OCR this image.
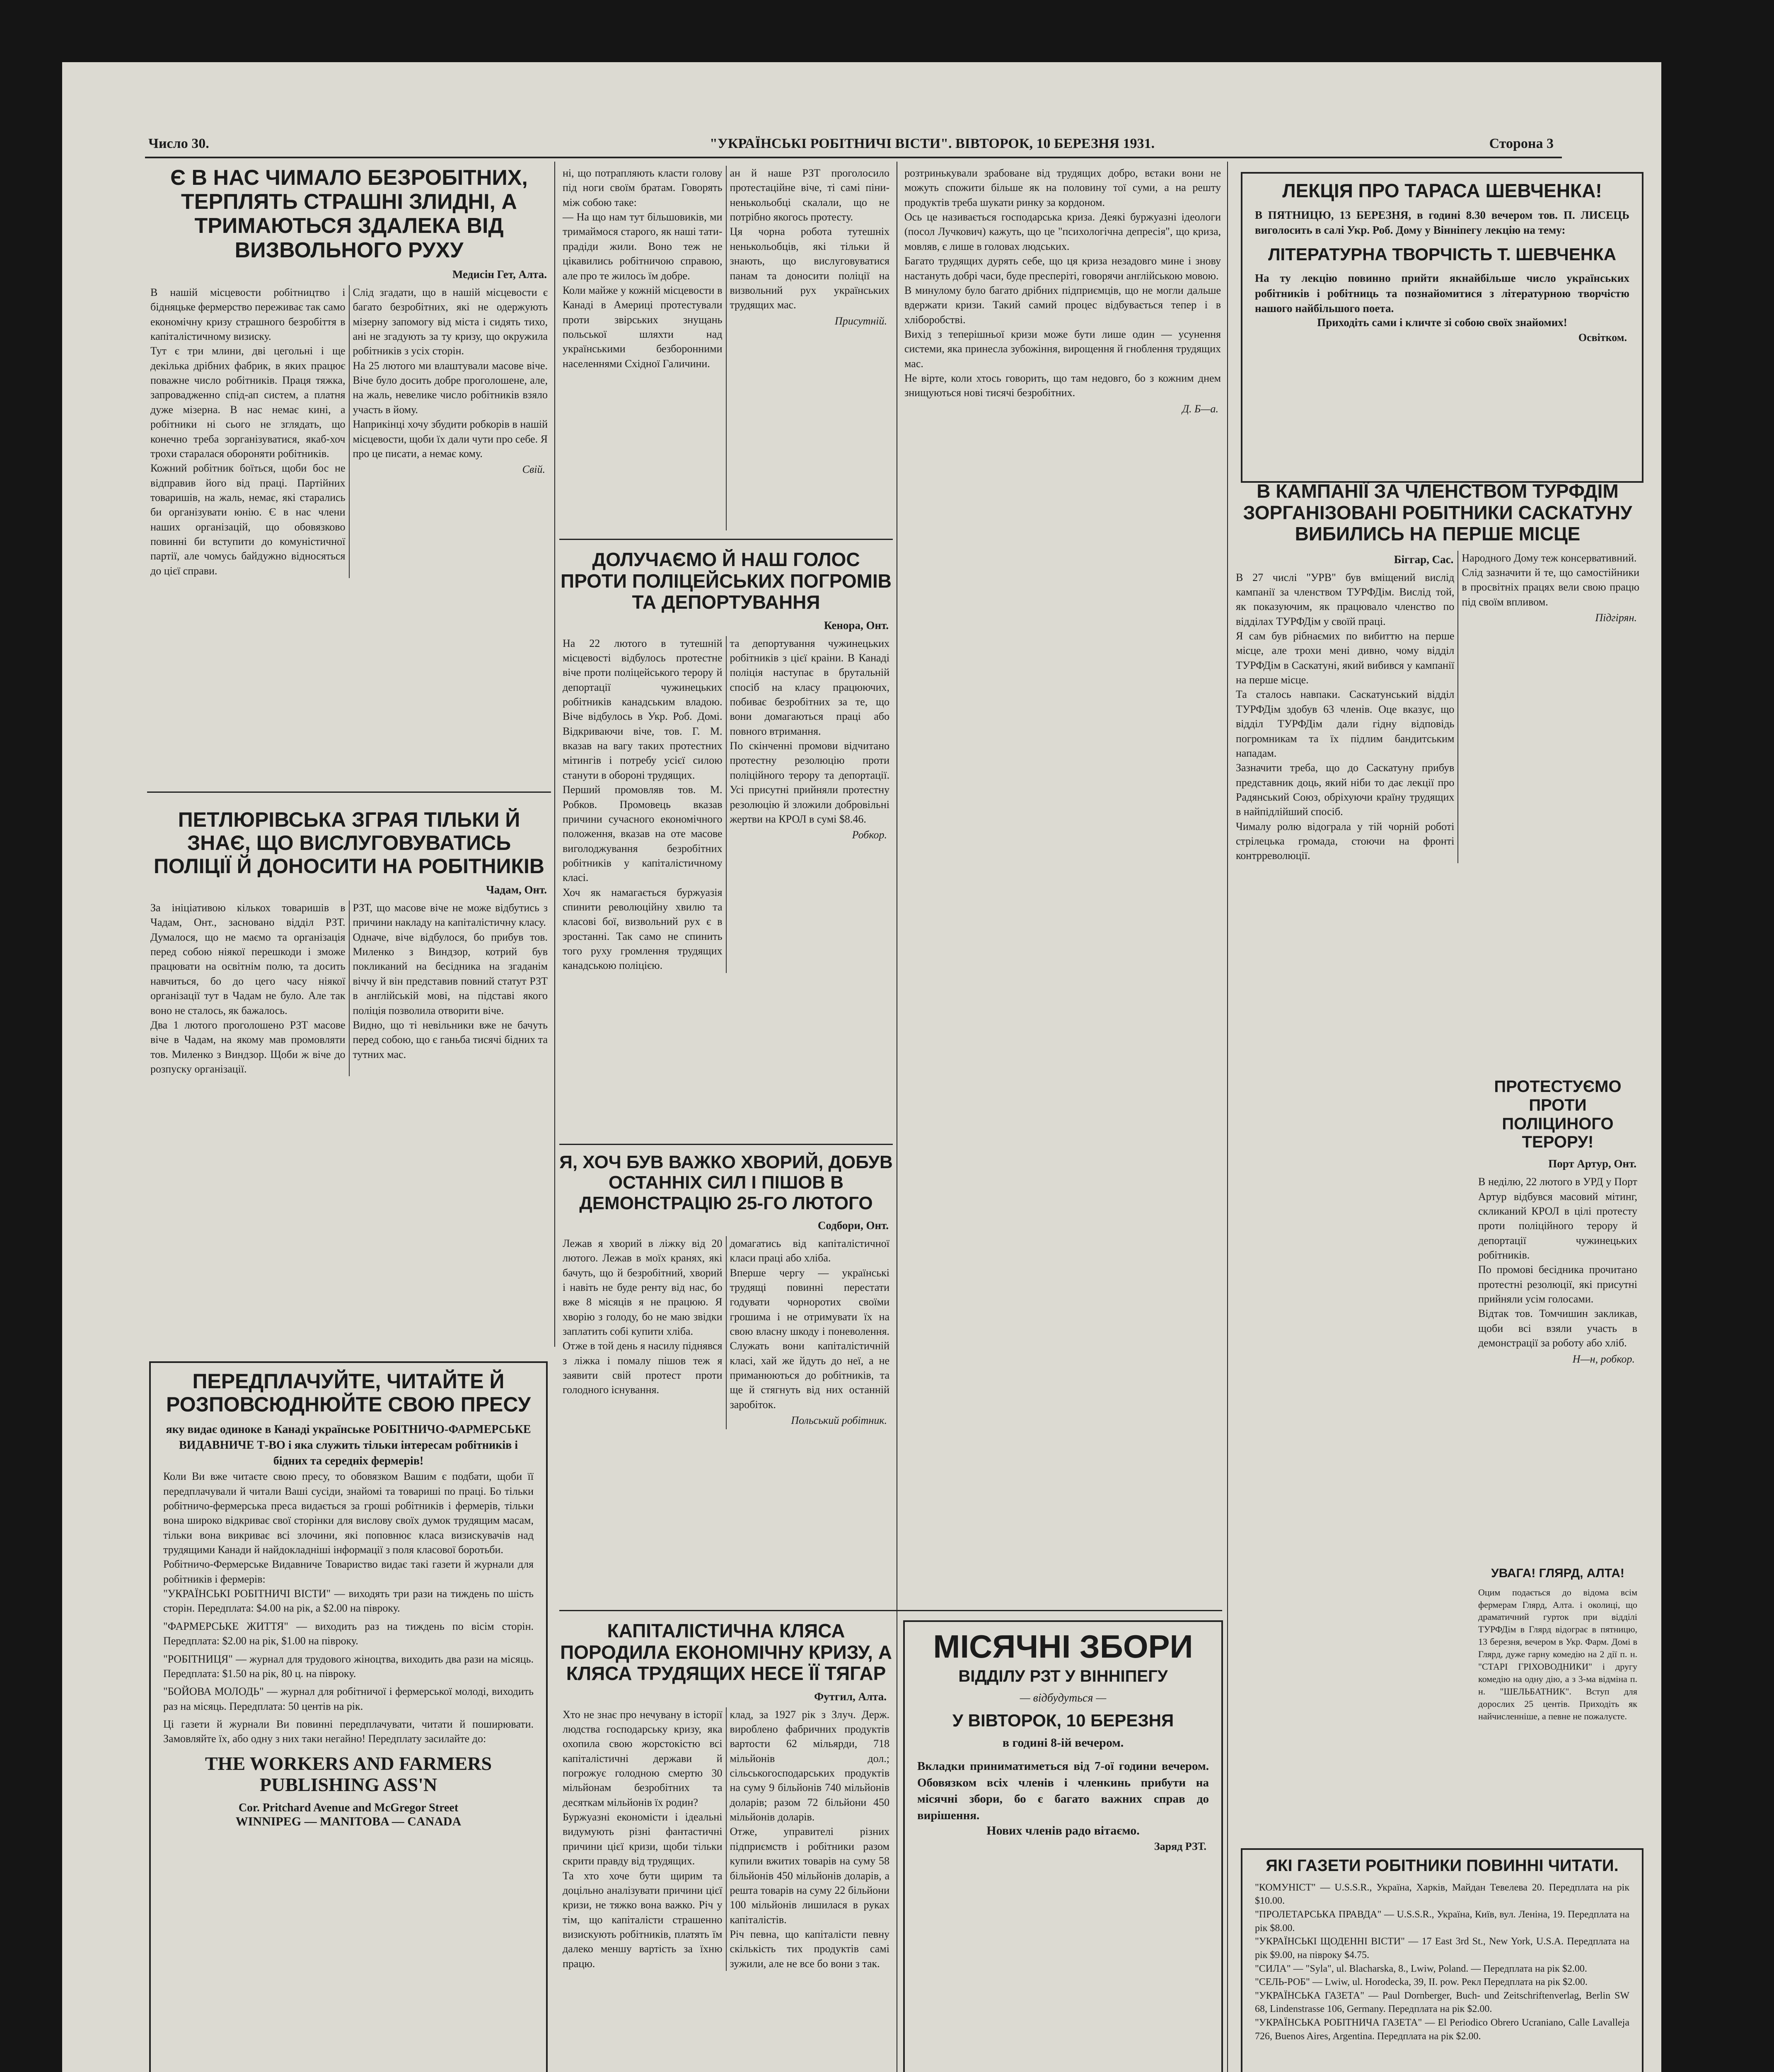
Число 30.	"УКРАЇНСЬКІ РОБІТНИЧІ ВІСТИ". ВІВТОРОК, 10 БЕРЕЗНЯ 1931.	Сторона 3
Є В НАС ЧИМАЛО БЕЗРОБІТНИХ, ТЕРПЛЯТЬ СТРАШНІ ЗЛИДНІ, А ТРИМАЮТЬСЯ ЗДАЛЕКА ВІД ВИЗВОЛЬНОГО РУХУ
Медисін Гет, Алта.

В нашій місцевости робітництво і бідняцьке фермерство переживає так само економічну кризу страшного безробіття в капіталістичному визиску.

Тут є три млини, дві цегольні і ще декілька дрібних фабрик, в яких працює поважне число робітників. Праця тяжка, запровадженно спід-ап систем, а платня дуже мізерна. В нас немає кині, а робітники ні сього не зглядать, що конечно треба зорганізуватися, якаб-хоч трохи старалася обороняти робітників.

Кожний робітник боїться, щоби бос не відправив його від праці. Партійних товаришів, на жаль, немає, які старались би організувати юнію. Є в нас члени наших організацій, що обовязково повинні би вступити до комуністичної партії, але чомусь байдужно відносяться до цієї справи.

Слід згадати, що в нашій місцевости є багато безробітних, які не одержують мізерну запомогу від міста і сидять тихо, ані не згадують за ту кризу, що окружила робітників з усіх сторін.

На 25 лютого ми влаштували масове віче. Віче було досить добре проголошене, але, на жаль, невелике число робітників взяло участь в йому.

Наприкінці хочу збудити робкорів в нашій місцевости, щоби їх дали чути про себе. Я про це писати, а немає кому.

Свій.
ПЕТЛЮРІВСЬКА ЗГРАЯ ТІЛЬКИ Й ЗНАЄ, ЩО ВИСЛУГОВУВАТИСЬ ПОЛІЦІЇ Й ДОНОСИТИ НА РОБІТНИКІВ
Чадам, Онт.

За ініціативою кількох товаришів в Чадам, Онт., засновано відділ РЗТ. Думалося, що не маємо та організація перед собою ніякої перешкоди і зможе працювати на освітнім полю, та досить навчиться, бо до цего часу ніякої організації тут в Чадам не було. Але так воно не сталось, як бажалось.

Два 1 лютого проголошено РЗТ масове віче в Чадам, на якому мав промовляти тов. Миленко з Виндзор. Щоби ж віче до розпуску організації.

РЗТ, що масове віче не може відбутись з причини накладу на капіталістичну класу.

Одначе, віче відбулося, бо прибув тов. Миленко з Виндзор, котрий був покликаний на бесідника на згаданім віччу й він представив повний статут РЗТ в англійській мові, на підставі якого поліція позволила отворити віче.

Видно, що ті невільники вже не бачуть перед собою, що є ганьба тисячі бідних та тутних мас.

ПЕРЕДПЛАЧУЙТЕ, ЧИТАЙТЕ Й РОЗПОВСЮДНЮЙТЕ СВОЮ ПРЕСУ

яку видає одиноке в Канаді українське РОБІТНИЧО-ФАРМЕРСЬКЕ ВИДАВНИЧЕ Т-ВО і яка служить тільки інтересам робітників і бідних та середніх фермерів!

Коли Ви вже читаєте свою пресу, то обовязком Вашим є подбати, щоби її передплачували й читали Ваші сусіди, знайомі та товариші по праці. Бо тільки робітничо-фермерська преса видається за гроші робітників і фермерів, тільки вона широко відкриває свої сторінки для вислову своїх думок трудящим масам, тільки вона викриває всі злочини, які поповнює класа визискувачів над трудящими Канади й найдокладніші інформації з поля класової боротьби.

Робітничо-Фермерське Видавниче Товариство видає такі газети й журнали для робітників і фермерів:

"УКРАЇНСЬКІ РОБІТНИЧІ ВІСТИ" — виходять три рази на тиждень по шість сторін. Передплата: $4.00 на рік, а $2.00 на півроку.
"ФАРМЕРСЬКЕ ЖИТТЯ" — виходить раз на тиждень по вісім сторін. Передплата: $2.00 на рік, $1.00 на півроку.
"РОБІТНИЦЯ" — журнал для трудового жіноцтва, виходить два рази на місяць. Передплата: $1.50 на рік, 80 ц. на півроку.
"БОЙОВА МОЛОДЬ" — журнал для робітничої і фермерської молоді, виходить раз на місяць. Передплата: 50 центів на рік.

Ці газети й журнали Ви повинні передплачувати, читати й поширювати. Замовляйте їх, або одну з них таки негайно! Передплату засилайте до:

THE WORKERS AND FARMERS PUBLISHING ASS'N
Cor. Pritchard Avenue and McGregor Street
WINNIPEG — MANITOBA — CANADA

ні, що потрапляють класти голову під ноги своїм братам. Говорять між собою таке:

— На що нам тут більшовиків, ми тримаймося старого, як наші тати-прадіди жили. Воно теж не цікавились робітничою справою, але про те жилось їм добре.

Коли майже у кожній місцевости в Канаді в Америці протестували проти звірських знущань польської шляхти над українськими безборонними населеннями Східної Галичини.

ан й наше РЗТ проголосило протестаційне віче, ті самі піни-ненькольобці скалали, що не потрібно якогось протесту.

Ця чорна робота тутешніх ненькольобців, які тільки й знають, що вислуговуватися панам та доносити поліції на визвольний рух українських трудящих мас.

Присутній.
ДОЛУЧАЄМО Й НАШ ГОЛОС ПРОТИ ПОЛІЦЕЙСЬКИХ ПОГРОМІВ ТА ДЕПОРТУВАННЯ
Кенора, Онт.

На 22 лютого в тутешній місцевості відбулось протестне віче проти поліцейського терору й депортації чужинецьких робітників канадським владою. Віче відбулось в Укр. Роб. Домі. Відкриваючи віче, тов. Г. М. вказав на вагу таких протестних мітингів і потребу усієї силою станути в обороні трудящих.

Перший промовляв тов. М. Робков. Промовець вказав причини сучасного економічного положення, вказав на оте масове виголоджування безробітних робітників у капіталістичному класі.

Хоч як намагається буржуазія спинити революційну хвилю та класові бої, визвольний рух є в зростанні. Так само не спинить того руху громлення трудящих канадською поліцією.

та депортування чужинецьких робітників з цієї краіни. В Канаді поліція наступає в брутальній спосіб на класу працюючих, побиває безробітних за те, що вони домагаються праці або повного втримання.

По скінченні промови відчитано протестну резолюцію проти поліційного терору та депортації. Усі присутні прийняли протестну резолюцію й зложили добровільні жертви на КРОЛ в сумі $8.46.

Робкор.
Я, ХОЧ БУВ ВАЖКО ХВОРИЙ, ДОБУВ ОСТАННІХ СИЛ І ПІШОВ В ДЕМОНСТРАЦІЮ 25-ГО ЛЮТОГО
Содбори, Онт.

Лежав я хворий в ліжку від 20 лютого. Лежав в моїх кранях, які бачуть, що й безробітний, хворий і навіть не буде ренту від нас, бо вже 8 місяців я не працюю. Я хворію з голоду, бо не маю звідки заплатить собі купити хліба.

Отже в той день я насилу піднявся з ліжка і помалу пішов теж я заявити свій протест проти голодного існування.

домагатись від капіталістичної класи праці або хліба.

Вперше чергу — українські трудящі повинні перестати годувати чорноротих своїми грошима і не отримувати їх на свою власну шкоду і поневолення. Служать вони капіталістичній класі, хай же йдуть до неї, а не приманюються до робітників, та ще й стягнуть від них останній заробіток.

Польський робітник.
КАПІТАЛІСТИЧНА КЛЯСА ПОРОДИЛА ЕКОНОМІЧНУ КРИЗУ, А КЛЯСА ТРУДЯЩИХ НЕСЕ ЇЇ ТЯГАР
Футгил, Алта.

Хто не знає про нечувану в історії людства господарську кризу, яка охопила свою жорстокістю всі капіталістичні держави й погрожує голодною смертю 30 мільйонам безробітних та десяткам мільйонів їх родин?

Буржуазні економісти і ідеальні видумують різні фантастичні причини цієї кризи, щоби тільки скрити правду від трудящих.

Та хто хоче бути щирим та доцільно аналізувати причини цієї кризи, не тяжко вона важко. Річ у тім, що капіталісти страшенно визискують робітників, платять їм далеко меншу вартість за їхню працю.

клад, за 1927 рік з Злуч. Держ. вироблено фабричних продуктів вартости 62 мільярди, 718 мільйонів дол.; сільськогосподарських продуктів на суму 9 більйонів 740 мільйонів доларів; разом 72 більйони 450 мільйонів доларів.

Отже, управителі різних підприємств і робітники разом купили вжитих товарів на суму 58 більйонів 450 мільйонів доларів, а решта товарів на суму 22 більйони 100 мільйонів лишилася в руках капіталістів.

Річ певна, що капіталісти певну скількість тих продуктів самі зужили, але не все бо вони з так.

розтринькували зрабоване від трудящих добро, вєтаки вони не можуть спожити більше як на половину тої суми, а на решту продуктів треба шукати ринку за кордоном.

Ось це називається господарська криза. Деякі буржуазні ідеологи (посол Лучкович) кажуть, що це "психологічна депресія", що криза, мовляв, є лише в головах людських.

Багато трудящих дурять себе, що ця криза незадовго мине і знову настануть добрі часи, буде пресперіті, говорячи англійською мовою.

В минулому було багато дрібних підприємців, що не могли дальше вдержати кризи. Такий самий процес відбувається тепер і в хліборобстві.

Вихід з теперішньої кризи може бути лише один — усунення системи, яка принесла зубожіння, вирощення й гноблення трудящих мас.

Не вірте, коли хтось говорить, що там недовго, бо з кожним днем знищуються нові тисячі безробітних.

Д. Б—а.
МІСЯЧНІ ЗБОРИ
ВІДДІЛУ РЗТ У ВІННІПЕГУ
— відбудуться —
У ВІВТОРОК, 10 БЕРЕЗНЯ
в годині 8-ій вечером.

Вкладки приниматиметься від 7-ої години вечером. Обовязком всіх членів і членкинь прибути на місячні збори, бо є багато важних справ до вирішення.

Нових членів радо вітаємо.
Заряд РЗТ.
ЛЕКЦІЯ ПРО ТАРАСА ШЕВЧЕНКА!

В ПЯТНИЦЮ, 13 БЕРЕЗНЯ, в годині 8.30 вечером тов. П. ЛИСЕЦЬ виголосить в салі Укр. Роб. Дому у Вінніпегу лекцію на тему:

ЛІТЕРАТУРНА ТВОРЧІСТЬ Т. ШЕВЧЕНКА

На ту лекцію повинно прийти якнайбільше число українських робітників і робітниць та познайомитися з літературною творчістю нашого найбільшого поета.

Приходіть сами і кличте зі собою своїх знайомих!
Освітком.
В КАМПАНІЇ ЗА ЧЛЕНСТВОМ ТУРФДІМ ЗОРГАНІЗОВАНІ РОБІТНИКИ САСКАТУНУ ВИБИЛИСЬ НА ПЕРШЕ МІСЦЕ
Біггар, Сас.

В 27 числі "УРВ" був вміщений вислід кампанії за членством ТУРФДім. Вислід той, як показуючим, як працювало членство по відділах ТУРФДім у своїй праці.

Я сам був рібнаємих по вибиттю на перше місце, але трохи мені дивно, чому відділ ТУРФДім в Саскатуні, який вибився у кампанії на перше місце.

Та сталось навпаки. Саскатунський відділ ТУРФДім здобув 63 членів. Оце вказує, що відділ ТУРФДім дали гідну відповідь погромникам та їх підлим бандитським нападам.

Зазначити треба, що до Саскатуну прибув представник доць, який ніби то дає лекції про Радянський Союз, обріхуючи країну трудящих в найпідлійший спосіб.

Чималу ролю відограла у тій чорній роботі стрілецька громада, стоючи на фронті контрреволюції.

Народного Дому теж консервативний.

Слід зазначити й те, що самостійники в просвітніх працях вели свою працю під своїм впливом.

Підгірян.
ПРОТЕСТУЄМО ПРОТИ ПОЛІЦИНОГО ТЕРОРУ!
Порт Артур, Онт.

В неділю, 22 лютого в УРД у Порт Артур відбувся масовий мітинг, скликаний КРОЛ в цілі протесту проти поліційного терору й депортації чужинецьких робітників.

По промові бесідника прочитано протестні резолюції, які присутні прийняли усім голосами.

Відтак тов. Томчишин закликав, щоби всі взяли участь в демонстрації за роботу або хліб.

Н—н, робкор.
УВАГА! ГЛЯРД, АЛТА!

Оцим подається до відома всім фермерам Глярд, Алта. і околиці, що драматичний гурток при відділі ТУРФДім в Глярд відограє в пятницю, 13 березня, вечером в Укр. Фарм. Домі в Глярд, дуже гарну комедію на 2 дії п. н. "СТАРІ ГРІХОВОДНИКИ" і другу комедію на одну дію, а з 3-ма відміна п. н. "ШЕЛЬБАТНИК". Вступ для дорослих 25 центів. Приходіть як найчисленніше, а певне не пожалуєте.

ЯКІ ГАЗЕТИ РОБІТНИКИ ПОВИННІ ЧИТАТИ.
"КОМУНІСТ" — U.S.S.R., Україна, Харків, Майдан Тевелева 20. Передплата на рік $10.00.
"ПРОЛЕТАРСЬКА ПРАВДА" — U.S.S.R., Україна, Київ, вул. Леніна, 19. Передплата на рік $8.00.
"УКРАЇНСЬКІ ЩОДЕННІ ВІСТИ" — 17 East 3rd St., New York, U.S.A. Передплата на рік $9.00, на півроку $4.75.
"СИЛА" — "Syla", ul. Blacharska, 8., Lwiw, Poland. — Передплата на рік $2.00.
"СЕЛЬ-РОБ" — Lwiw, ul. Horodecka, 39, II. pow. Рекл Передплата на рік $2.00.
"УКРАЇНСЬКА ГАЗЕТА" — Paul Dornberger, Buch- und Zeitschriftenverlag, Berlin SW 68, Lindenstrasse 106, Germany. Передплата на рік $2.00.
"УКРАЇНСЬКА РОБІТНИЧА ГАЗЕТА" — El Periodico Obrero Ucraniano, Calle Lavalleja 726, Buenos Aires, Argentina. Передплата на рік $2.00.
